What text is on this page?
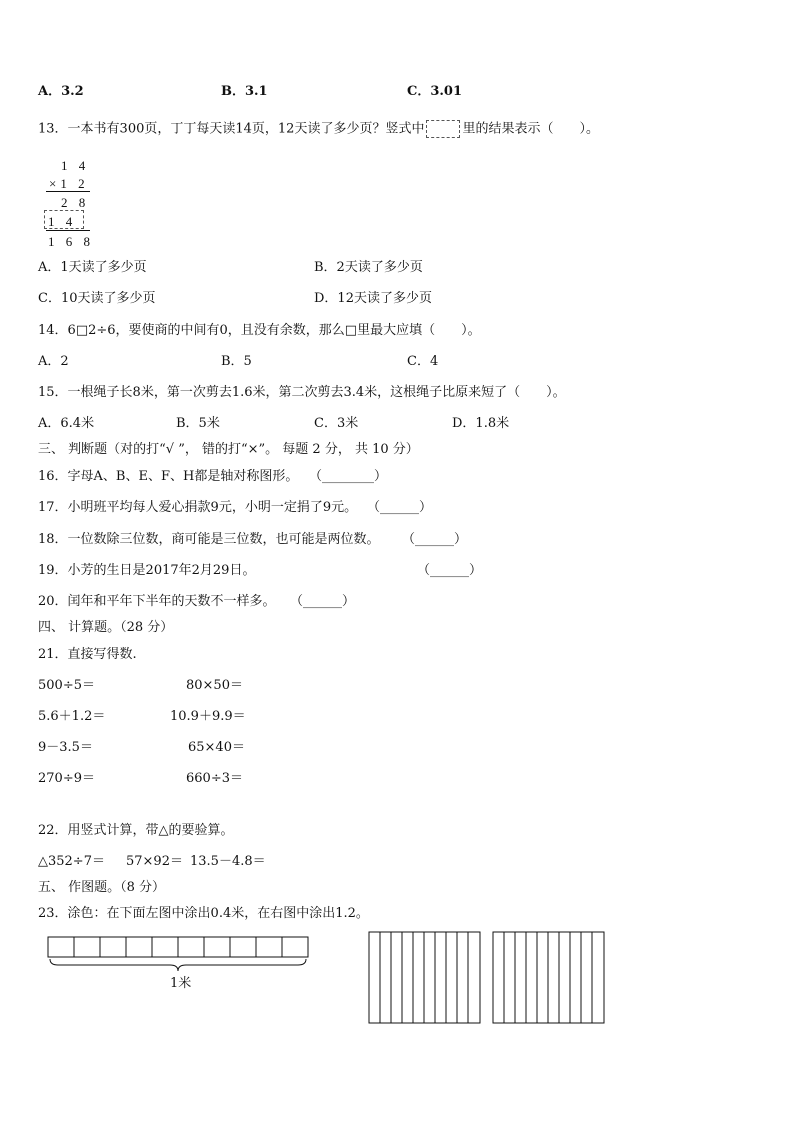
A．3.2	B．3.1	C．3.01
13．一本书有300页，丁丁每天读14页，12天读了多少页？竖式中	里的结果表示（　　）。
1 4
×1 2
2 8
1 4
1 6 8
A．1天读了多少页	B．2天读了多少页
C．10天读了多少页	D．12天读了多少页
14．6□2÷6，要使商的中间有0，且没有余数，那么□里最大应填（　　）。
A．2	B．5	C．4
15．一根绳子长8米，第一次剪去1.6米，第二次剪去3.4米，这根绳子比原来短了（　　）。
A．6.4米	B．5米	C．3米	D．1.8米
三、 判断题（对的打“√ ”， 错的打“×”。 每题 2 分， 共 10 分）
16．字母A、B、E、F、H都是轴对称图形。 （________）
17．小明班平均每人爱心捐款9元，小明一定捐了9元。 （______）
18．一位数除三位数，商可能是三位数，也可能是两位数。 （______）
19．小芳的生日是2017年2月29日。	（______）
20．闰年和平年下半年的天数不一样多。 （______）
四、 计算题。（28 分）
21．直接写得数.
500÷5＝	80×50＝
5.6＋1.2＝	10.9＋9.9＝
9－3.5＝	65×40＝
270÷9＝	660÷3＝
22．用竖式计算，带△的要验算。
△352÷7＝ 57×92＝ 13.5－4.8＝
五、 作图题。（8 分）
23．涂色：在下面左图中涂出0.4米，在右图中涂出1.2。
1米
